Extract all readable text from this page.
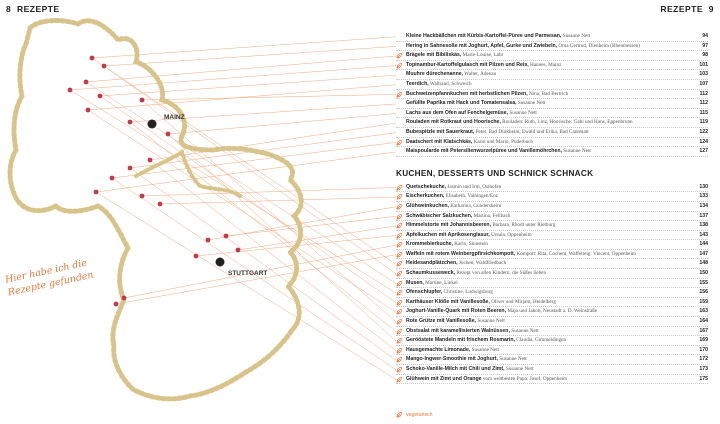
8 REZEPTE	REZEPTE 9
MAINZ
STUTTGART
Hier habe ich die Rezepte gefunden
Kleine Hackbällchen mit Kürbis-Kartoffel-Püree und Parmesan, Susanne Nett	94
Hering in Sahnesoße mit Joghurt, Apfel, Gurke und Zwiebeln, Oma Gertrud, Dienheim (Rheinhessen)	97
Brägele mit Bibiliskäs, Marie-Louise, Lahr	98
Topinambur-Kartoffelgulasch mit Pilzen und Reis, Hannes, Mainz	101
Muuhre dürechenanne, Walter, Adenau	103
Teerdich, Waltraud, Schweich	107
Buchweizenpfannkuchen mit herbstlichen Pilzen, Nina, Bad Bertrich	112
Gefüllte Paprika mit Hack und Tomatensalsa, Susanne Nett	112
Lachs aus dem Ofen auf Fenchelgemüse, Susanne Nett	115
Rouladen mit Rotkraut und Hoorische, Rouladen: Ruth, Linz, Hoorische: Gabi und Hans, Eppenbrunn	119
Bubespitzle mit Sauerkraut, Peter, Bad Dürkheim, Ewald und Erika, Bad Cannstatt	122
Daatschert mit Klatschkäs, Karin und Mario, Puderbach	124
Maispoularde mit Petersilienwurzelpüree und Vanillemöhrchen, Susanne Nett	127
KUCHEN, DESSERTS UND SCHNICK SCHNACK
Quetschekuche, Jasmin und Irm, Osthofen	130
Eischerkuchen, Elisabeth, Vaihingen/Enz	133
Glühweinkuchen, Katharina, Gundersheim	134
Schwäbischer Salzkuchen, Martina, Fellbach	137
Himmelstorte mit Johannisbeeren, Barbara, Rhodt unter Rietburg	138
Apfelkuchen mit Aprikosenglasur, Ursula, Oppenheim	143
Krommebierkuche, Karin, Sinnstein	144
Waffeln mit rotem Weinbergpfirsichkompott, Kompott: Rita, Cochem, Waffelteig: Vincent, Oppenheim	147
Heidesandplätzchen, Jochen, Waldfriedbach	148
Schaumkusseweck, Rezept von allen Kindern, die Süßes lieben	150
Musen, Martine, Linkel	155
Ofenschlupfer, Christine, Ludwigsburg	156
Karthäuser Klöße mit Vanillesoße, Oliver und Mirjam, Heidelberg	159
Joghurt-Vanille-Quark mit Roten Beeren, Maja und Jakob, Neustadt a. D. Weinstraße	163
Rote Grütze mit Vanillesoße, Susanne Nett	164
Obstsalat mit karamellisierten Walnüssen, Susanne Nett	167
Gerööstete Mandeln mit frischem Rosmarin, Claudia, Gimmeldingen	169
Hausgemachte Limonade, Susanne Nett	170
Mango-Ingwer-Smoothie mit Joghurt, Susanne Nett	172
Schoko-Vanille-Milch mit Chili und Zimt, Susanne Nett	173
Glühwein mit Zimt und Orange vom weltbesten Papa: Josef, Oppenheim	175
vegetarisch
